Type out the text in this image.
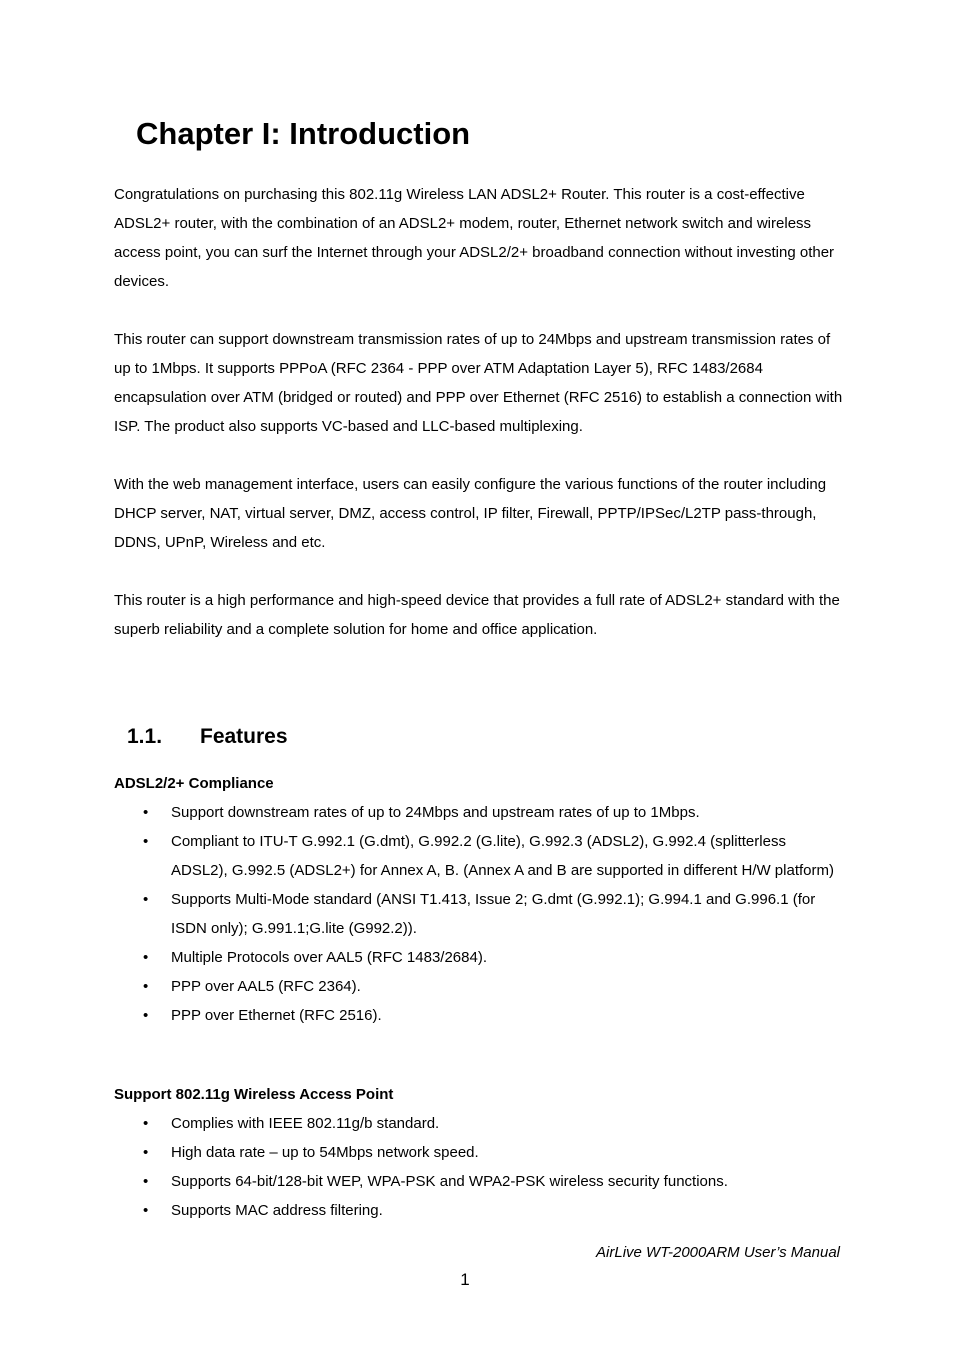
Chapter I: Introduction

Congratulations on purchasing this 802.11g Wireless LAN ADSL2+ Router. This router is a cost-effective ADSL2+ router, with the combination of an ADSL2+ modem, router, Ethernet network switch and wireless access point, you can surf the Internet through your ADSL2/2+ broadband connection without investing other devices.

This router can support downstream transmission rates of up to 24Mbps and upstream transmission rates of up to 1Mbps. It supports PPPoA (RFC 2364 - PPP over ATM Adaptation Layer 5), RFC 1483/2684 encapsulation over ATM (bridged or routed) and PPP over Ethernet (RFC 2516) to establish a connection with ISP. The product also supports VC-based and LLC-based multiplexing.

With the web management interface, users can easily configure the various functions of the router including DHCP server, NAT, virtual server, DMZ, access control, IP filter, Firewall, PPTP/IPSec/L2TP pass-through, DDNS, UPnP, Wireless and etc.

This router is a high performance and high-speed device that provides a full rate of ADSL2+ standard with the superb reliability and a complete solution for home and office application.

1.1. Features
ADSL2/2+ Compliance
• Support downstream rates of up to 24Mbps and upstream rates of up to 1Mbps.
• Compliant to ITU-T G.992.1 (G.dmt), G.992.2 (G.lite), G.992.3 (ADSL2), G.992.4 (splitterless ADSL2), G.992.5 (ADSL2+) for Annex A, B. (Annex A and B are supported in different H/W platform)
• Supports Multi-Mode standard (ANSI T1.413, Issue 2; G.dmt (G.992.1); G.994.1 and G.996.1 (for ISDN only); G.991.1;G.lite (G992.2)).
• Multiple Protocols over AAL5 (RFC 1483/2684).
• PPP over AAL5 (RFC 2364).
• PPP over Ethernet (RFC 2516).
Support 802.11g Wireless Access Point
• Complies with IEEE 802.11g/b standard.
• High data rate – up to 54Mbps network speed.
• Supports 64-bit/128-bit WEP, WPA-PSK and WPA2-PSK wireless security functions.
• Supports MAC address filtering.
AirLive WT-2000ARM User’s Manual
1
